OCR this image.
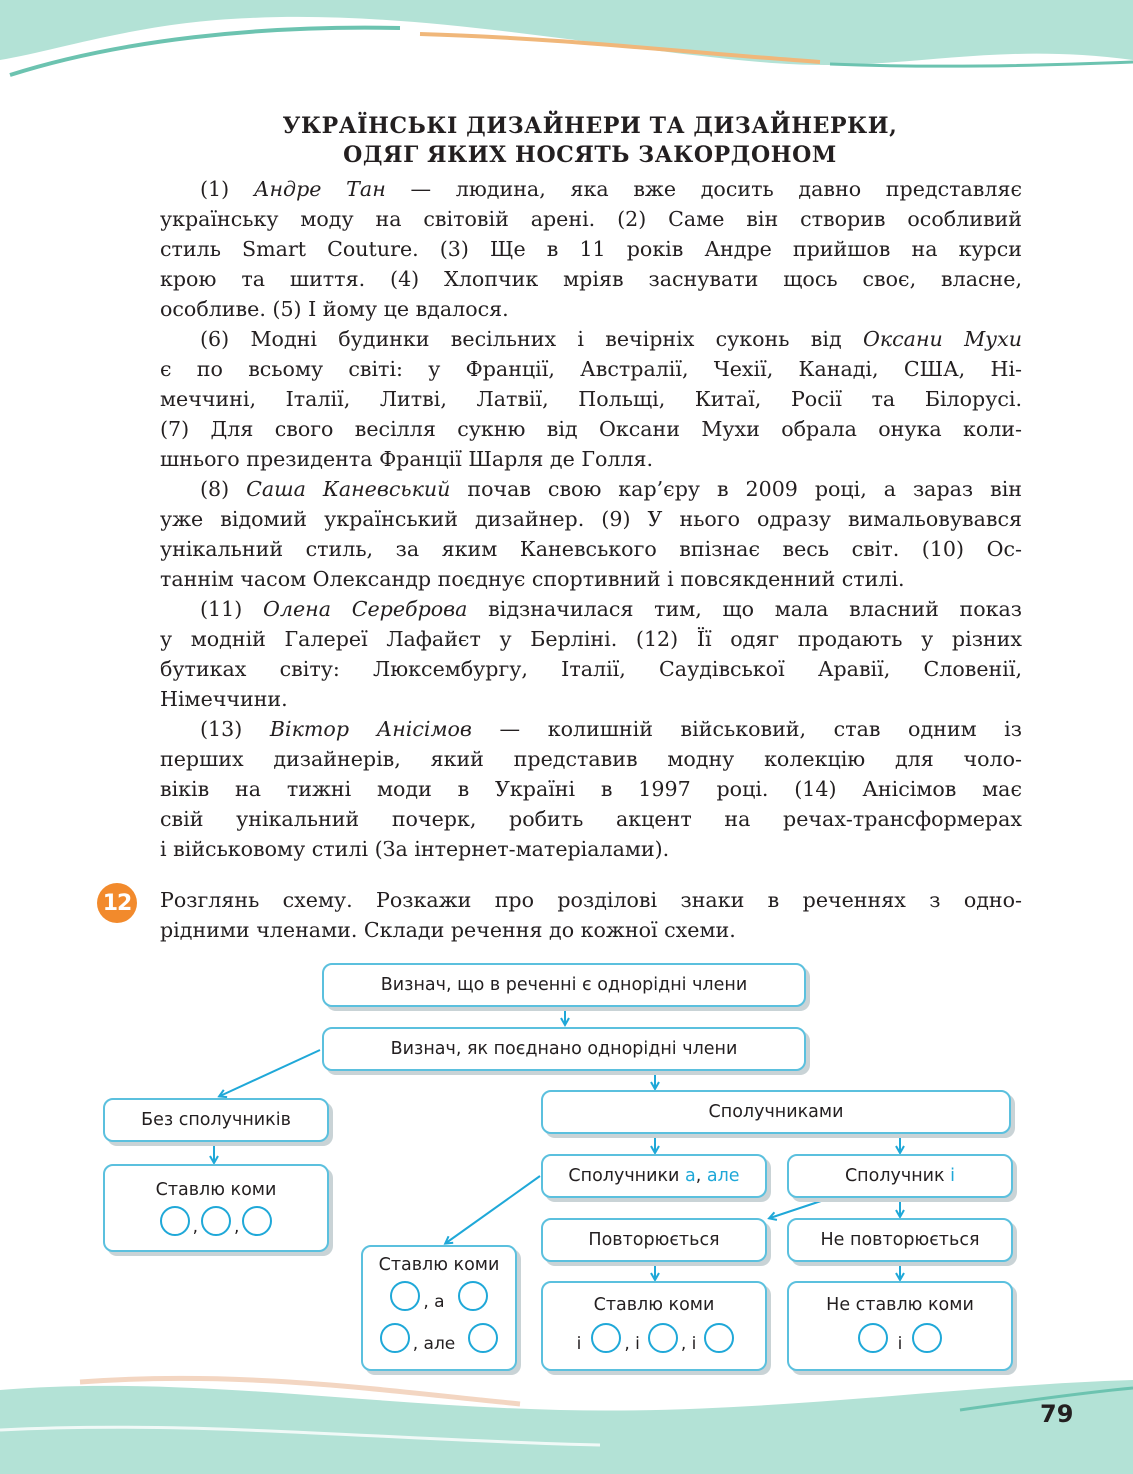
УКРАЇНСЬКІ ДИЗАЙНЕРИ ТА ДИЗАЙНЕРКИ,
ОДЯГ ЯКИХ НОСЯТЬ ЗАКОРДОНОМ
(1) Андре Тан — людина, яка вже досить давно представляє
українську моду на світовій арені. (2) Саме він створив особливий
стиль Smart Couture. (3) Ще в 11 років Андре прийшов на курси
крою та шиття. (4) Хлопчик мріяв заснувати щось своє, власне,
особливе. (5) І йому це вдалося.
(6) Модні будинки весільних і вечірніх суконь від Оксани Мухи
є по всьому світі: у Франції, Австралії, Чехії, Канаді, США, Ні-
меччині, Італії, Литві, Латвії, Польщі, Китаї, Росії та Білорусі.
(7) Для свого весілля сукню від Оксани Мухи обрала онука коли-
шнього президента Франції Шарля де Голля.
(8) Саша Каневський почав свою кар’єру в 2009 році, а зараз він
уже відомий український дизайнер. (9) У нього одразу вимальовувався
унікальний стиль, за яким Каневського впізнає весь світ. (10) Ос-
таннім часом Олександр поєднує спортивний і повсякденний стилі.
(11) Олена Сереброва відзначилася тим, що мала власний показ
у модній Галереї Лафайєт у Берліні. (12) Її одяг продають у різних
бутиках світу: Люксембургу, Італії, Саудівської Аравії, Словенії,
Німеччини.
(13) Віктор Анісімов — колишній військовий, став одним із
перших дизайнерів, який представив модну колекцію для чоло-
віків на тижні моди в Україні в 1997 році. (14) Анісімов має
свій унікальний почерк, робить акцент на речах-трансформерах
і військовому стилі (За інтернет-матеріалами).
12 Розглянь схему. Розкажи про розділові знаки в реченнях з одно-
рідними членами. Склади речення до кожної схеми.
Визнач, що в реченні є однорідні члени
Визнач, як поєднано однорідні члени
Без сполучників
Ставлю коми
, ,
Сполучниками
Сполучники а, але	Сполучник і
Ставлю коми
, а
, але
Повторюється	Не повторюється
Ставлю коми
і	, і , і
Не ставлю коми
і
79
